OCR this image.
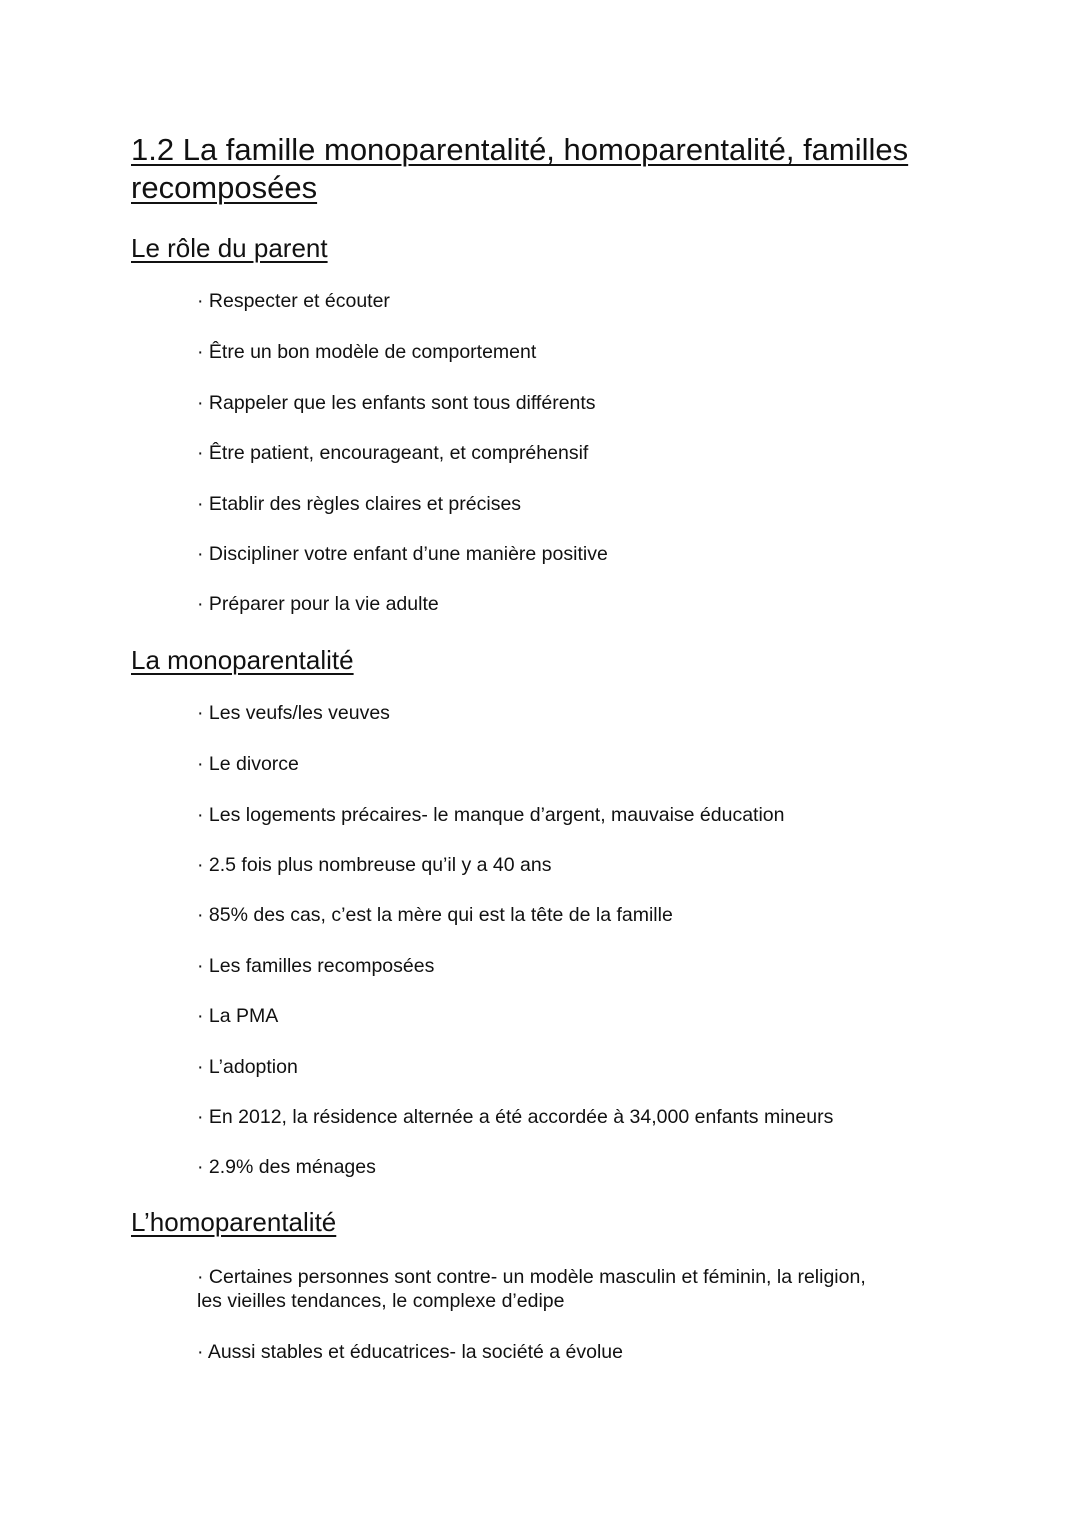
1.2 La famille monoparentalité, homoparentalité, familles
recomposées
Le rôle du parent
· Respecter et écouter
· Être un bon modèle de comportement
· Rappeler que les enfants sont tous différents
· Être patient, encourageant, et compréhensif
· Etablir des règles claires et précises
· Discipliner votre enfant d’une manière positive
· Préparer pour la vie adulte
La monoparentalité
· Les veufs/les veuves
· Le divorce
· Les logements précaires- le manque d’argent, mauvaise éducation
· 2.5 fois plus nombreuse qu’il y a 40 ans
· 85% des cas, c’est la mère qui est la tête de la famille
· Les familles recomposées
· La PMA
· L’adoption
· En 2012, la résidence alternée a été accordée à 34,000 enfants mineurs
· 2.9% des ménages
L’homoparentalité
· Certaines personnes sont contre- un modèle masculin et féminin, la religion,
les vieilles tendances, le complexe d’edipe
· Aussi stables et éducatrices- la société a évolue
